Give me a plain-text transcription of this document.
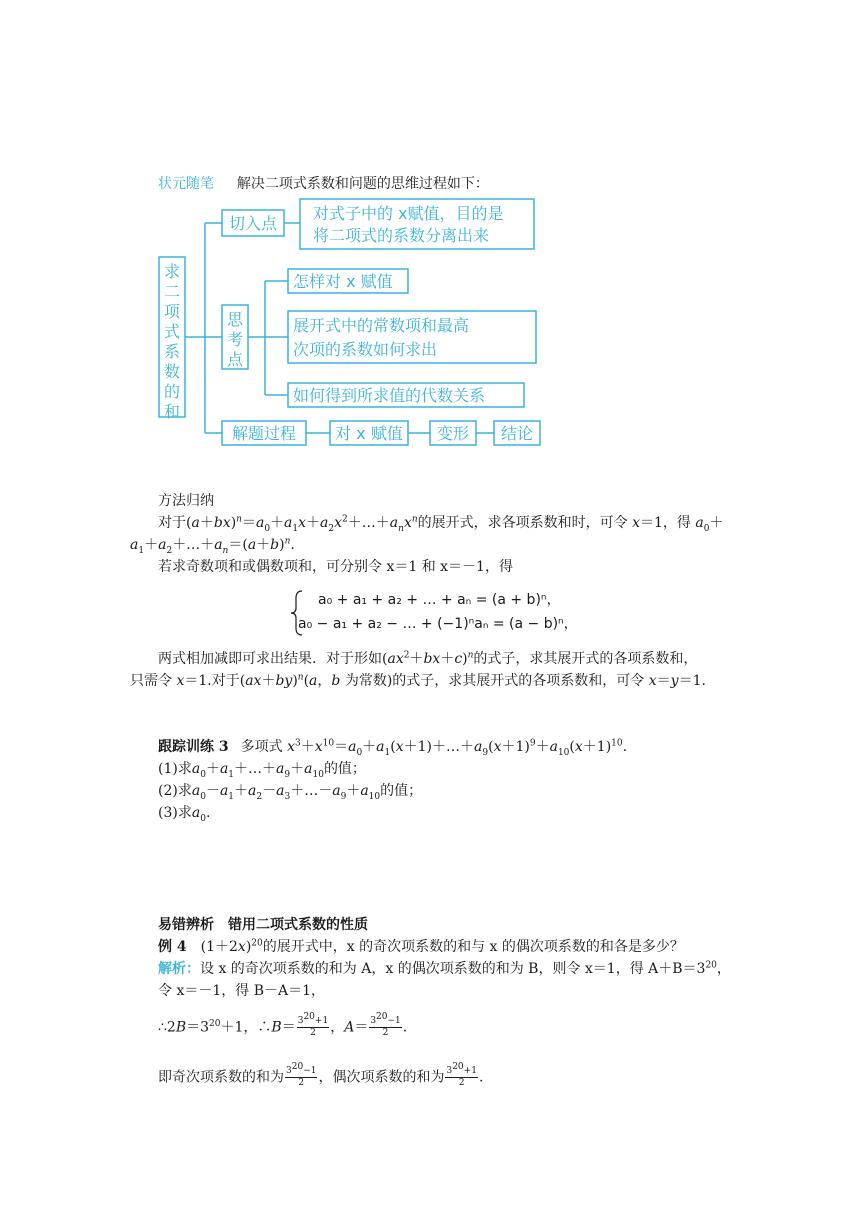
状元随笔 解决二项式系数和问题的思维过程如下：
求
二
项
式
系
数
的
和
切入点
对式子中的 x赋值，目的是
将二项式的系数分离出来
思
考
点
怎样对 x 赋值
展开式中的常数项和最高
次项的系数如何求出
如何得到所求值的代数关系
解题过程 对 x 赋值 变形 结论
方法归纳
对于$(a+bx)^n=a_0+a_1x+a_2x^2+\dots+a_nx^n$的展开式，求各项系数和时，可令 x＝1，得 $a_0+$
$a_1+a_2+\dots+a_n=(a+b)^n$.
若求奇数项和或偶数项和，可分别令 x＝1 和 x＝－1，得
a₀ + a₁ + a₂ + … + aₙ = (a + b)ⁿ，
a₀ − a₁ + a₂ − … + (−1)ⁿaₙ = (a − b)ⁿ，
两式相加减即可求出结果．对于形如$(ax^2+bx+c)^n$的式子，求其展开式的各项系数和，
只需令 x＝1.对于$(ax+by)^n(a$，b 为常数)的式子，求其展开式的各项系数和，可令 x＝y＝1.
跟踪训练 3 多项式 $x^3+x^{10}=a_0+a_1(x+1)+\dots+a_9(x+1)^9+a_{10}(x+1)^{10}$.
(1)求$a_0+a_1+\dots+a_9+a_{10}$的值；
(2)求$a_0-a_1+a_2-a_3+\dots-a_9+a_{10}$的值；
(3)求$a_0$.
易错辨析　错用二项式系数的性质
例 4 $(1+2x)^{20}$的展开式中，x 的奇次项系数的和与 x 的偶次项系数的和各是多少？
解析：设 x 的奇次项系数的和为 A，x 的偶次项系数的和为 B，则令 x＝1，得 $A+B=3^{20}$，
令 x＝－1，得 B－A＝1，
$\therefore 2B=3^{20}+1$，∴B＝ $\frac{3^{20}+1}{2}$ ，$A= \frac{3^{20}-1}{2}$ .
即奇次项系数的和为 $\frac{3^{20}-1}{2}$ ，偶次项系数的和为 $\frac{3^{20}+1}{2}$ .
